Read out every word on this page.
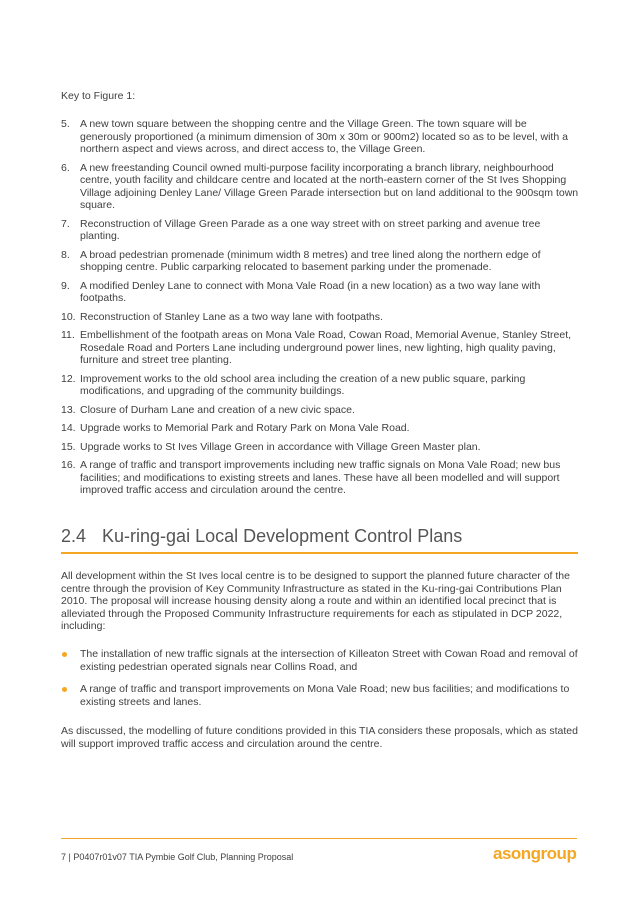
Key to Figure 1:
5. A new town square between the shopping centre and the Village Green. The town square will be generously proportioned (a minimum dimension of 30m x 30m or 900m2) located so as to be level, with a northern aspect and views across, and direct access to, the Village Green.
6. A new freestanding Council owned multi-purpose facility incorporating a branch library, neighbourhood centre, youth facility and childcare centre and located at the north-eastern corner of the St Ives Shopping Village adjoining Denley Lane/ Village Green Parade intersection but on land additional to the 900sqm town square.
7. Reconstruction of Village Green Parade as a one way street with on street parking and avenue tree planting.
8. A broad pedestrian promenade (minimum width 8 metres) and tree lined along the northern edge of shopping centre. Public carparking relocated to basement parking under the promenade.
9. A modified Denley Lane to connect with Mona Vale Road (in a new location) as a two way lane with footpaths.
10. Reconstruction of Stanley Lane as a two way lane with footpaths.
11. Embellishment of the footpath areas on Mona Vale Road, Cowan Road, Memorial Avenue, Stanley Street, Rosedale Road and Porters Lane including underground power lines, new lighting, high quality paving, furniture and street tree planting.
12. Improvement works to the old school area including the creation of a new public square, parking modifications, and upgrading of the community buildings.
13. Closure of Durham Lane and creation of a new civic space.
14. Upgrade works to Memorial Park and Rotary Park on Mona Vale Road.
15. Upgrade works to St Ives Village Green in accordance with Village Green Master plan.
16. A range of traffic and transport improvements including new traffic signals on Mona Vale Road; new bus facilities; and modifications to existing streets and lanes. These have all been modelled and will support improved traffic access and circulation around the centre.
2.4 Ku-ring-gai Local Development Control Plans

All development within the St Ives local centre is to be designed to support the planned future character of the centre through the provision of Key Community Infrastructure as stated in the Ku-ring-gai Contributions Plan 2010. The proposal will increase housing density along a route and within an identified local precinct that is alleviated through the Proposed Community Infrastructure requirements for each as stipulated in DCP 2022, including:

The installation of new traffic signals at the intersection of Killeaton Street with Cowan Road and removal of existing pedestrian operated signals near Collins Road, and
A range of traffic and transport improvements on Mona Vale Road; new bus facilities; and modifications to existing streets and lanes.

As discussed, the modelling of future conditions provided in this TIA considers these proposals, which as stated will support improved traffic access and circulation around the centre.

7 | P0407r01v07 TIA Pymbie Golf Club, Planning Proposal	asongroup
